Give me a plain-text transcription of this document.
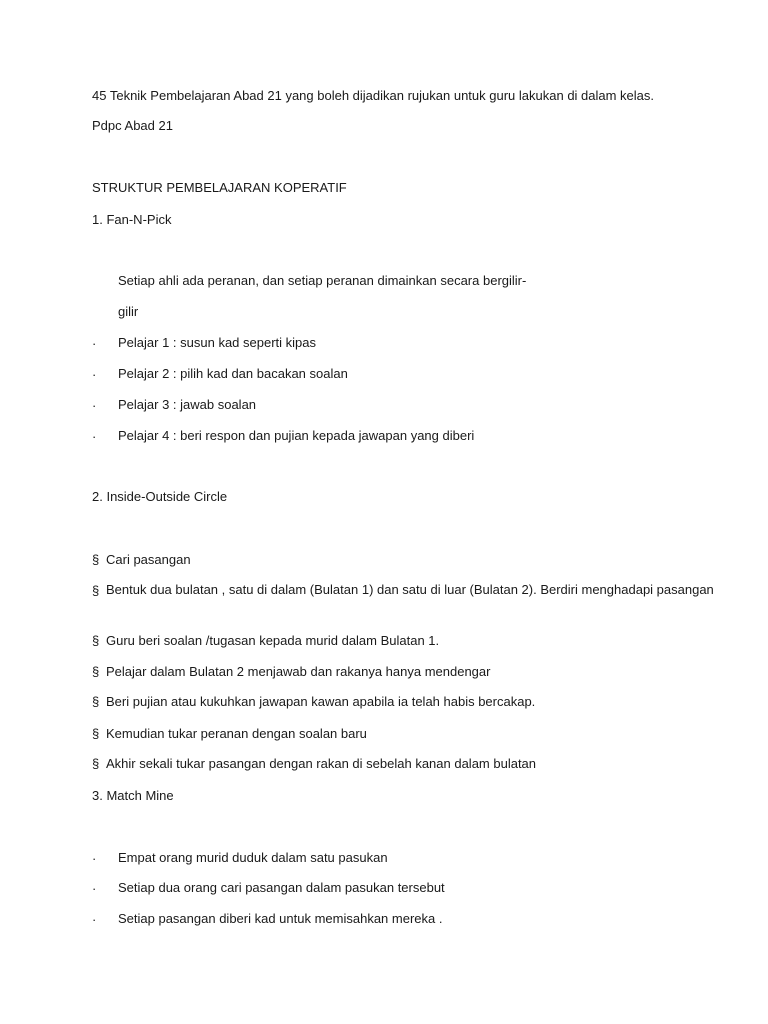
45 Teknik Pembelajaran Abad 21 yang boleh dijadikan rujukan untuk guru lakukan di dalam kelas.
Pdpc Abad 21
STRUKTUR PEMBELAJARAN KOPERATIF
1. Fan-N-Pick
Setiap ahli ada peranan, dan setiap peranan dimainkan secara bergilir-
gilir
· Pelajar 1 : susun kad seperti kipas
· Pelajar 2 : pilih kad dan bacakan soalan
· Pelajar 3 : jawab soalan
· Pelajar 4 : beri respon dan pujian kepada jawapan yang diberi
2. Inside-Outside Circle
§ Cari pasangan
§ Bentuk dua bulatan , satu di dalam (Bulatan 1) dan satu di luar (Bulatan 2). Berdiri menghadapi pasangan
§ Guru beri soalan /tugasan kepada murid dalam Bulatan 1.
§ Pelajar dalam Bulatan 2 menjawab dan rakanya hanya mendengar
§ Beri pujian atau kukuhkan jawapan kawan apabila ia telah habis bercakap.
§ Kemudian tukar peranan dengan soalan baru
§ Akhir sekali tukar pasangan dengan rakan di sebelah kanan dalam bulatan
3. Match Mine
· Empat orang murid duduk dalam satu pasukan
· Setiap dua orang cari pasangan dalam pasukan tersebut
· Setiap pasangan diberi kad untuk memisahkan mereka .
